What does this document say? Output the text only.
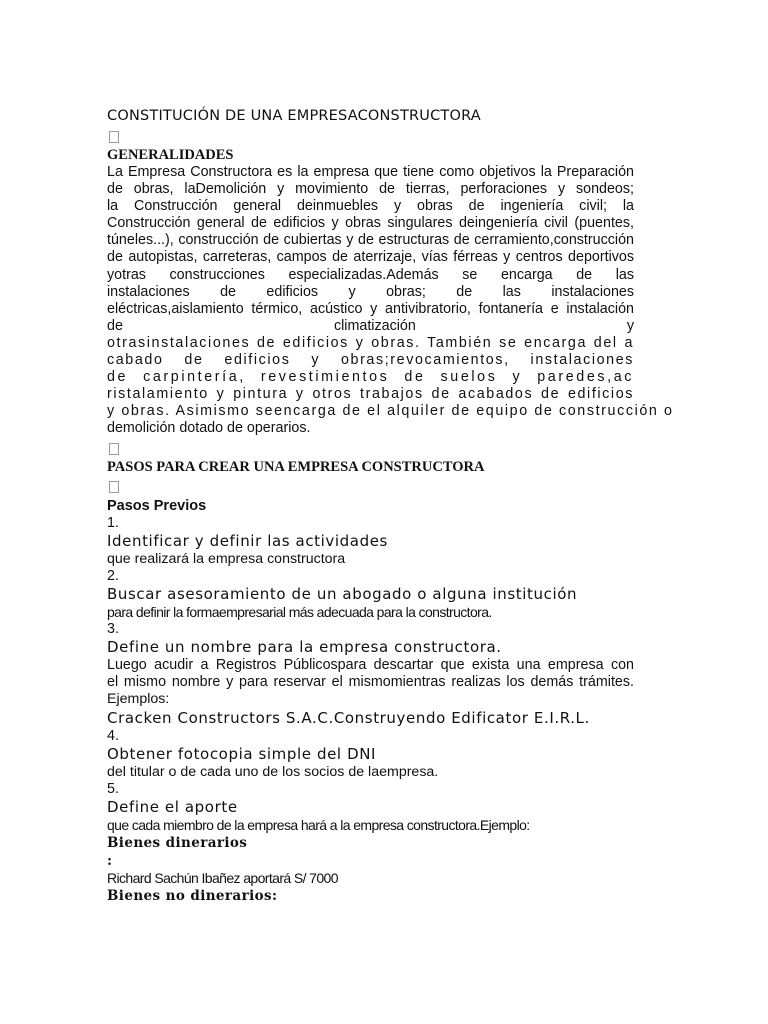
CONSTITUCIÓN DE UNA EMPRESACONSTRUCTORA
GENERALIDADES
La Empresa Constructora es la empresa que tiene como objetivos la Preparación
de obras, laDemolición y movimiento de tierras, perforaciones y sondeos;
la Construcción general deinmuebles y obras de ingeniería civil; la
Construcción general de edificios y obras singulares deingeniería civil (puentes,
túneles...), construcción de cubiertas y de estructuras de cerramiento,construcción
de autopistas, carreteras, campos de aterrizaje, vías férreas y centros deportivos
yotras construcciones especializadas.Además se encarga de las
instalaciones de edificios y obras; de las instalaciones
eléctricas,aislamiento térmico, acústico y antivibratorio, fontanería e instalación
de climatización y
otrasinstalaciones de edificios y obras. También se encarga del a
cabado de edificios y obras;revocamientos, instalaciones
de carpintería, revestimientos de suelos y paredes,ac
ristalamiento y pintura y otros trabajos de acabados de edificios
y obras. Asimismo seencarga de el alquiler de equipo de construcción o
demolición dotado de operarios.
PASOS PARA CREAR UNA EMPRESA CONSTRUCTORA
Pasos Previos

1.

Identificar y definir las actividades

que realizará la empresa constructora

2.

Buscar asesoramiento de un abogado o alguna institución

para definir la formaempresarial más adecuada para la constructora.

3.

Define un nombre para la empresa constructora.

Luego acudir a Registros Públicospara descartar que exista una empresa con
el mismo nombre y para reservar el mismomientras realizas los demás trámites.

Ejemplos:

Cracken Constructors S.A.C.Construyendo Edificator E.I.R.L.

4.

Obtener fotocopia simple del DNI

del titular o de cada uno de los socios de laempresa.

5.

Define el aporte

que cada miembro de la empresa hará a la empresa constructora.Ejemplo:

Bienes dinerarios

:

Richard Sachún Ibañez aportará S/ 7000

Bienes no dinerarios:
